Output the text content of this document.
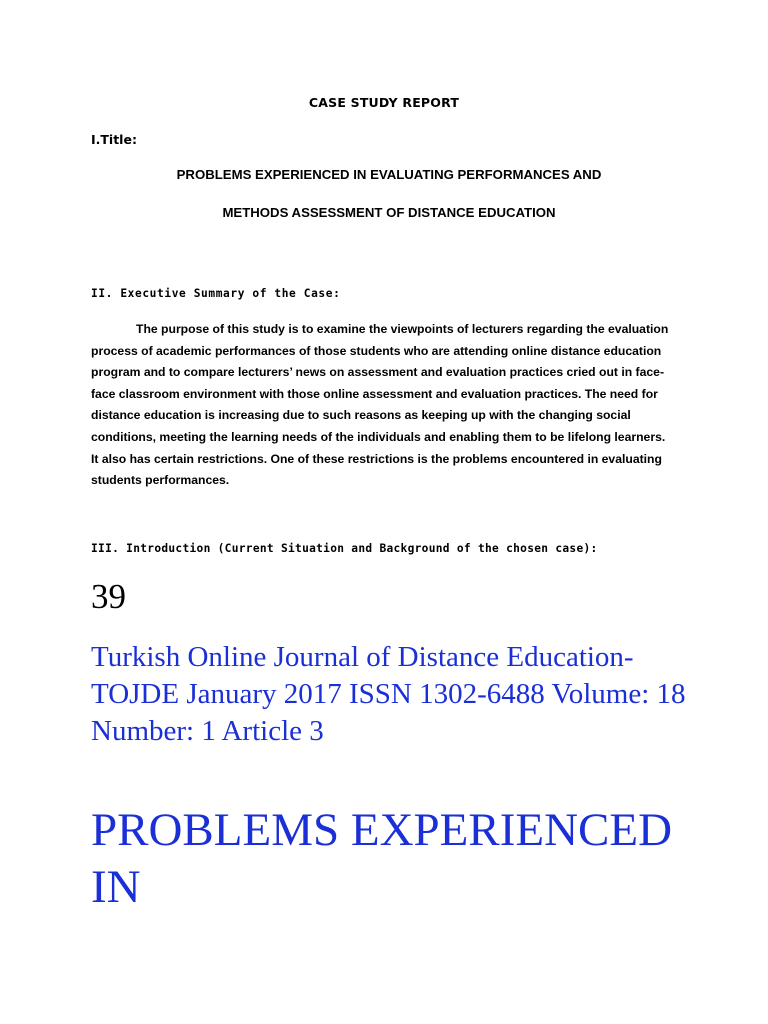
CASE STUDY REPORT
I.Title:
PROBLEMS EXPERIENCED IN EVALUATING PERFORMANCES AND
METHODS ASSESSMENT OF DISTANCE EDUCATION
II. Executive Summary of the Case:

The purpose of this study is to examine the viewpoints of lecturers regarding the evaluation process of academic performances of those students who are attending online distance education program and to compare lecturers’ news on assessment and evaluation practices cried out in face-face classroom environment with those online assessment and evaluation practices. The need for distance education is increasing due to such reasons as keeping up with the changing social conditions, meeting the learning needs of the individuals and enabling them to be lifelong learners. It also has certain restrictions. One of these restrictions is the problems encountered in evaluating students performances.

III. Introduction (Current Situation and Background of the chosen case):
39

Turkish Online Journal of Distance Education-TOJDE January 2017 ISSN 1302-6488 Volume: 18 Number: 1 Article 3

PROBLEMS EXPERIENCED IN
